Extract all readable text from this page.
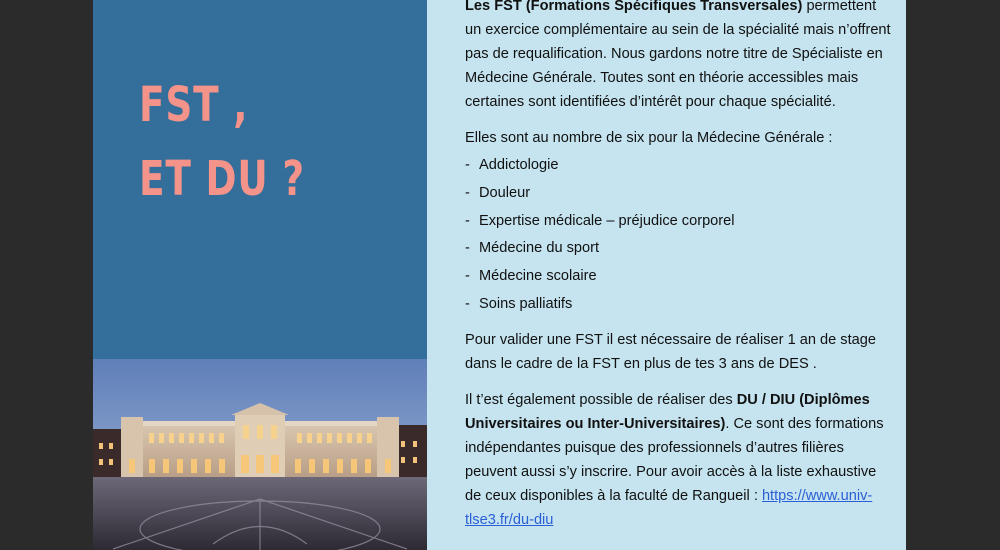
FST ,
ET DU ?

Les FST (Formations Spécifiques Transversales) permettent un exercice complémentaire au sein de la spécialité mais n’offrent pas de requalification. Nous gardons notre titre de Spécialiste en Médecine Générale. Toutes sont en théorie accessibles mais certaines sont identifiées d’intérêt pour chaque spécialité.

Elles sont au nombre de six pour la Médecine Générale :

- Addictologie
- Douleur
- Expertise médicale – préjudice corporel
- Médecine du sport
- Médecine scolaire
- Soins palliatifs

Pour valider une FST il est nécessaire de réaliser 1 an de stage dans le cadre de la FST en plus de tes 3 ans de DES .

Il t’est également possible de réaliser des DU / DIU (Diplômes Universitaires ou Inter-Universitaires). Ce sont des formations indépendantes puisque des professionnels d’autres filières peuvent aussi s’y inscrire. Pour avoir accès à la liste exhaustive de ceux disponibles à la faculté de Rangueil : https://www.univ-tlse3.fr/du-diu
